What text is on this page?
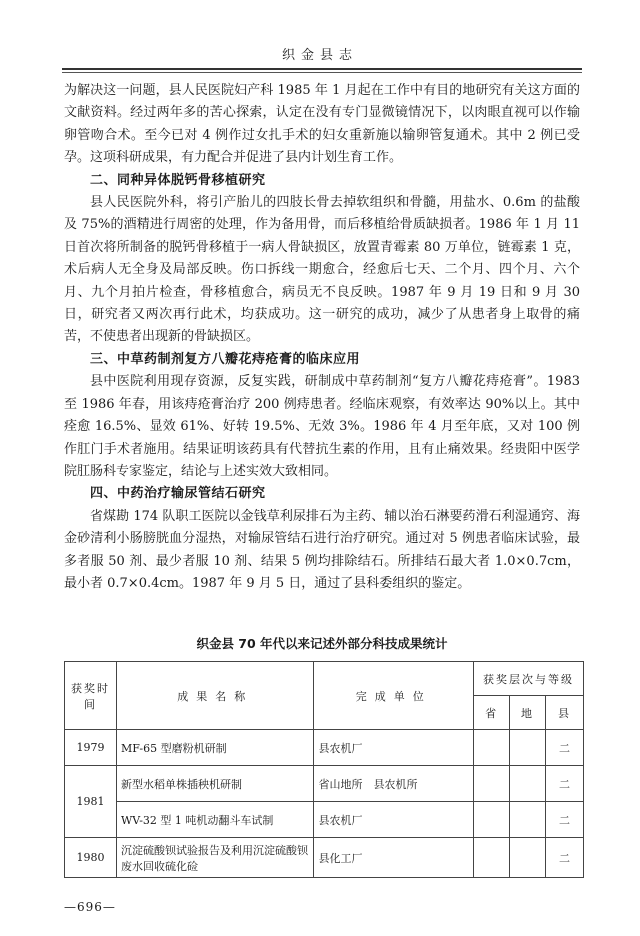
织金县志

为解决这一问题，县人民医院妇产科 1985 年 1 月起在工作中有目的地研究有关这方面的文献资料。经过两年多的苦心探索，认定在没有专门显微镜情况下，以肉眼直视可以作输卵管吻合术。至今已对 4 例作过女扎手术的妇女重新施以输卵管复通术。其中 2 例已受孕。这项科研成果，有力配合并促进了县内计划生育工作。

二、同种异体脱钙骨移植研究

县人民医院外科，将引产胎儿的四肢长骨去掉软组织和骨髓，用盐水、0.6m 的盐酸及 75%的酒精进行周密的处理，作为备用骨，而后移植给骨质缺损者。1986 年 1 月 11 日首次将所制备的脱钙骨移植于一病人骨缺损区，放置青霉素 80 万单位，链霉素 1 克，术后病人无全身及局部反映。伤口拆线一期愈合，经愈后七天、二个月、四个月、六个月、九个月拍片检查，骨移植愈合，病员无不良反映。1987 年 9 月 19 日和 9 月 30 日，研究者又两次再行此术，均获成功。这一研究的成功，减少了从患者身上取骨的痛苦，不使患者出现新的骨缺损区。

三、中草药制剂复方八瓣花痔疮膏的临床应用

县中医院利用现存资源，反复实践，研制成中草药制剂“复方八瓣花痔疮膏”。1983 至 1986 年春，用该痔疮膏治疗 200 例痔患者。经临床观察，有效率达 90%以上。其中痊愈 16.5%、显效 61%、好转 19.5%、无效 3%。1986 年 4 月至年底，又对 100 例作肛门手术者施用。结果证明该药具有代替抗生素的作用，且有止痛效果。经贵阳中医学院肛肠科专家鉴定，结论与上述实效大致相同。

四、中药治疗输尿管结石研究

省煤勘 174 队职工医院以金钱草利尿排石为主药、辅以治石淋要药滑石利湿通窍、海金砂清利小肠膀胱血分湿热，对输尿管结石进行治疗研究。通过对 5 例患者临床试验，最多者服 50 剂、最少者服 10 剂、结果 5 例均排除结石。所排结石最大者 1.0×0.7cm，最小者 0.7×0.4cm。1987 年 9 月 5 日，通过了县科委组织的鉴定。

织金县 70 年代以来记述外部分科技成果统计
获奖时间	成果名称	完成单位	获奖层次与等级		
			省	地	县
1979	MF-65 型磨粉机研制	县农机厂			二
1981	新型水稻单株插秧机研制	省山地所　县农机所			二
	WV-32 型 1 吨机动翻斗车试制	县农机厂			二
1980	沉淀硫酸钡试验报告及利用沉淀硫酸钡废水回收硫化硷	县化工厂			二
—696—
